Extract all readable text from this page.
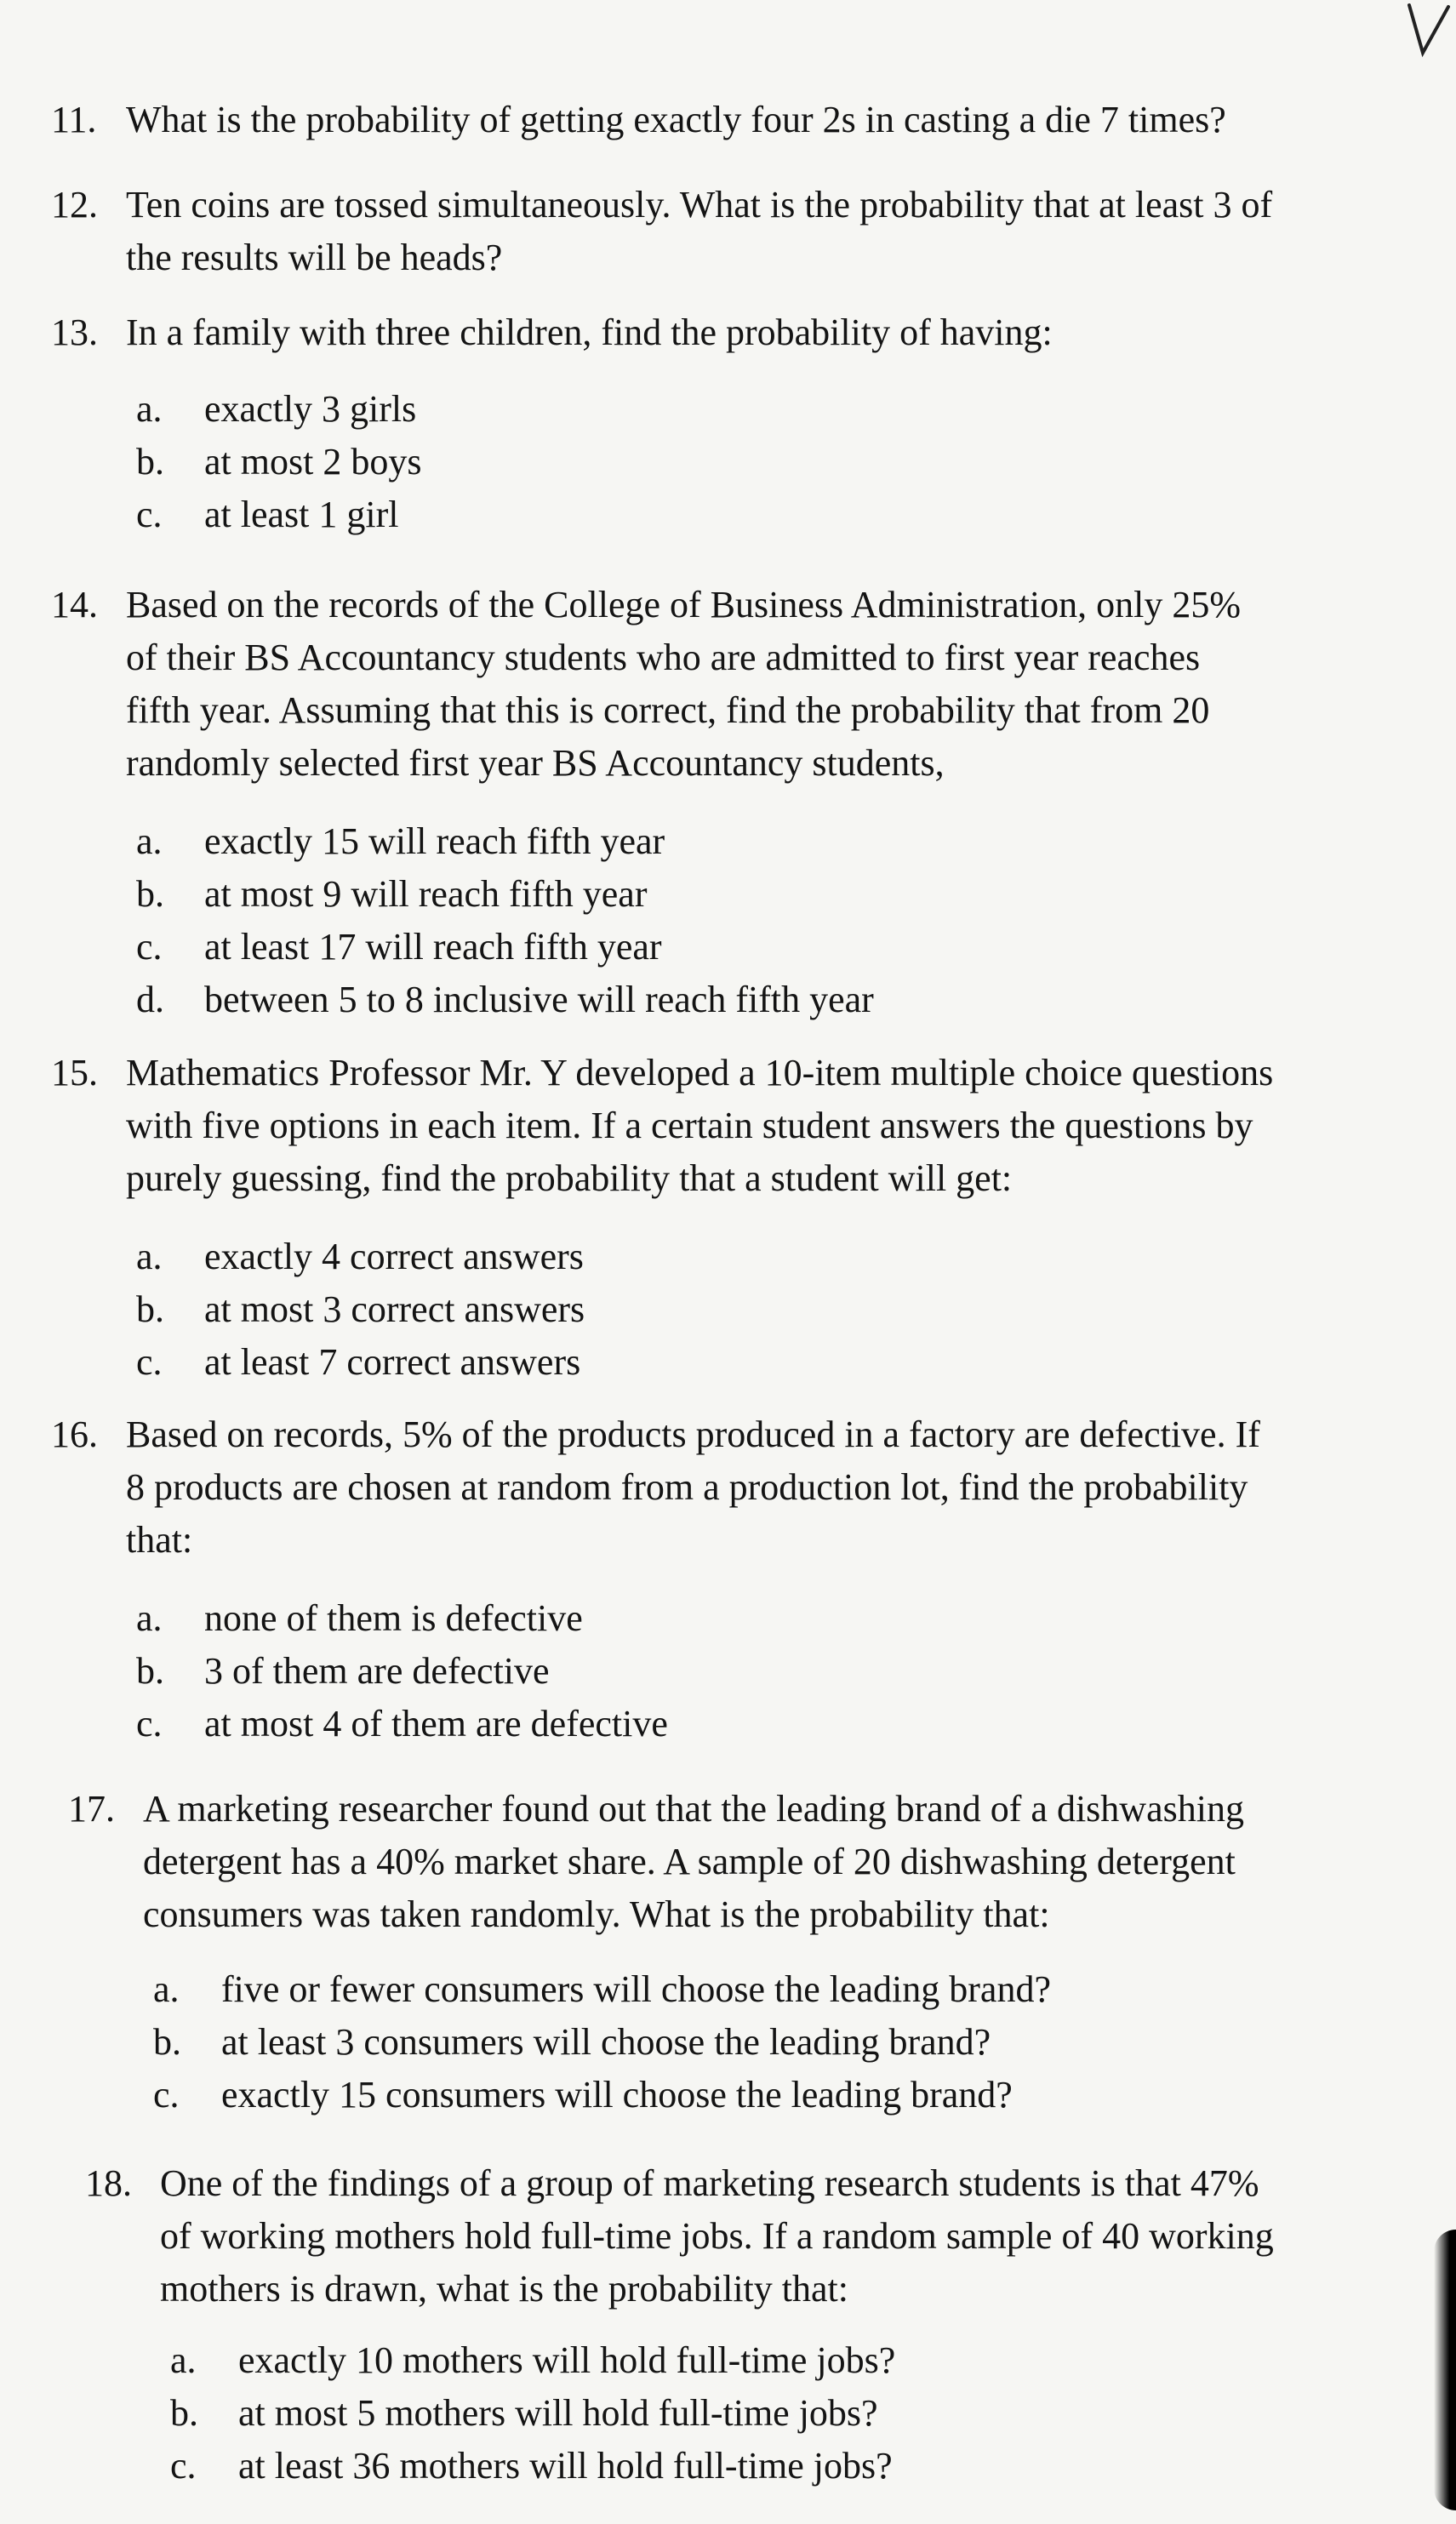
11. What is the probability of getting exactly four 2s in casting a die 7 times?
12. Ten coins are tossed simultaneously. What is the probability that at least 3 of
the results will be heads?
13. In a family with three children, find the probability of having:
a. exactly 3 girls
b. at most 2 boys
c. at least 1 girl
14. Based on the records of the College of Business Administration, only 25%
of their BS Accountancy students who are admitted to first year reaches
fifth year. Assuming that this is correct, find the probability that from 20
randomly selected first year BS Accountancy students,
a. exactly 15 will reach fifth year
b. at most 9 will reach fifth year
c. at least 17 will reach fifth year
d. between 5 to 8 inclusive will reach fifth year
15. Mathematics Professor Mr. Y developed a 10-item multiple choice questions
with five options in each item. If a certain student answers the questions by
purely guessing, find the probability that a student will get:
a. exactly 4 correct answers
b. at most 3 correct answers
c. at least 7 correct answers
16. Based on records, 5% of the products produced in a factory are defective. If
8 products are chosen at random from a production lot, find the probability
that:
a. none of them is defective
b. 3 of them are defective
c. at most 4 of them are defective
17. A marketing researcher found out that the leading brand of a dishwashing
detergent has a 40% market share. A sample of 20 dishwashing detergent
consumers was taken randomly. What is the probability that:
a. five or fewer consumers will choose the leading brand?
b. at least 3 consumers will choose the leading brand?
c. exactly 15 consumers will choose the leading brand?
18. One of the findings of a group of marketing research students is that 47%
of working mothers hold full-time jobs. If a random sample of 40 working
mothers is drawn, what is the probability that:
a. exactly 10 mothers will hold full-time jobs?
b. at most 5 mothers will hold full-time jobs?
c. at least 36 mothers will hold full-time jobs?
